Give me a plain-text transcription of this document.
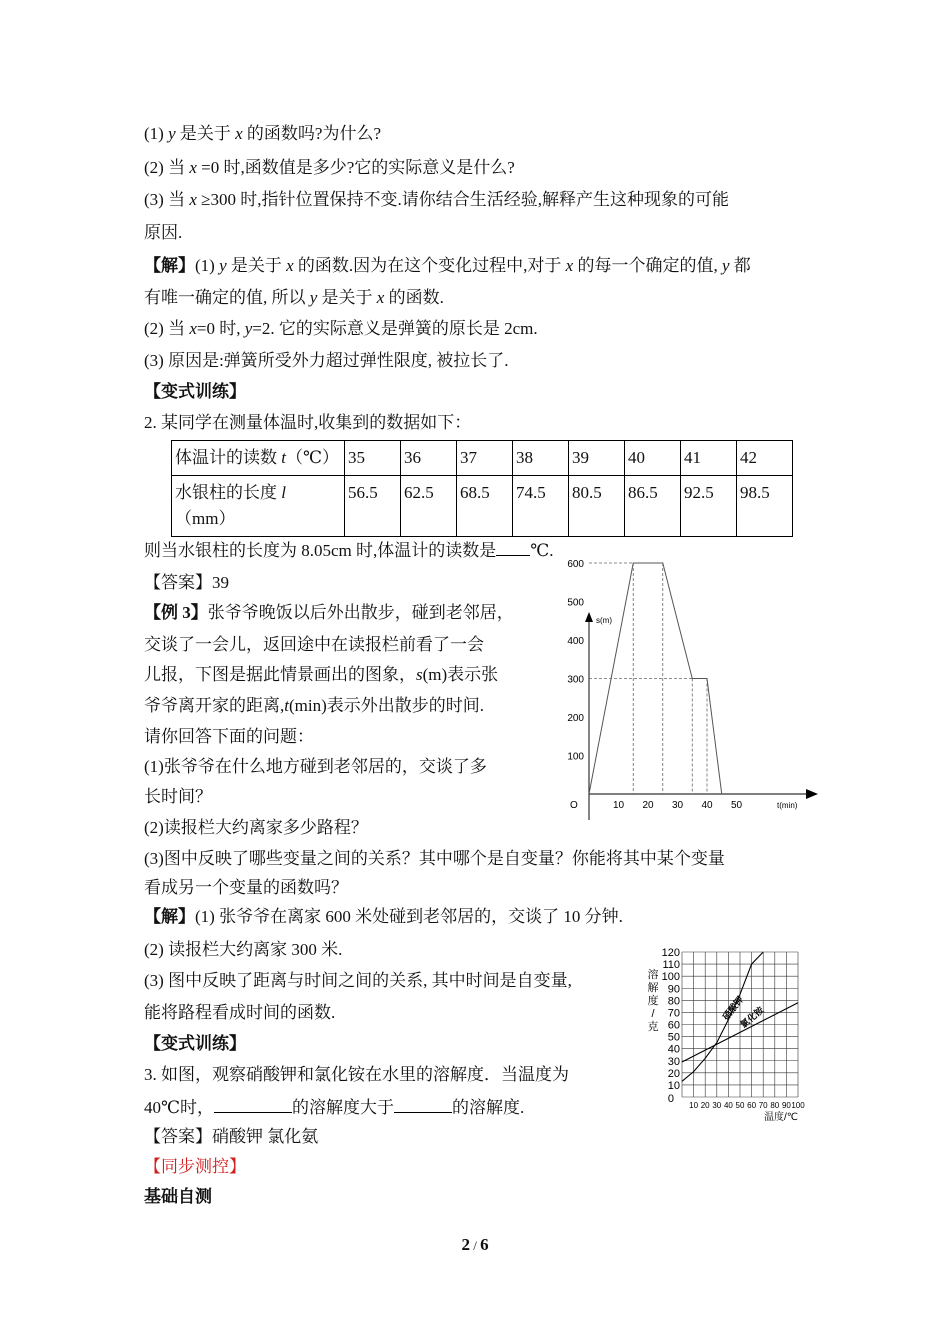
(1) y 是关于 x 的函数吗?为什么?
(2) 当 x =0 时,函数值是多少?它的实际意义是什么?
(3) 当 x ≥300 时,指针位置保持不变.请你结合生活经验,解释产生这种现象的可能
原因.
【解】(1) y 是关于 x 的函数.因为在这个变化过程中,对于 x 的每一个确定的值, y 都
有唯一确定的值, 所以 y 是关于 x 的函数.
(2) 当 x=0 时, y=2. 它的实际意义是弹簧的原长是 2cm.
(3) 原因是:弹簧所受外力超过弹性限度, 被拉长了.
【变式训练】
2. 某同学在测量体温时,收集到的数据如下：
体温计的读数 t（℃）	35	36	37	38	39	40	41	42
水银柱的长度 l
（mm）	56.5	62.5	68.5	74.5	80.5	86.5	92.5	98.5
则当水银柱的长度为 8.05cm 时,体温计的读数是 ℃.
【答案】39
【例 3】张爷爷晚饭以后外出散步，碰到老邻居，
交谈了一会儿，返回途中在读报栏前看了一会
儿报，下图是据此情景画出的图象，s(m)表示张
爷爷离开家的距离,t(min)表示外出散步的时间.
请你回答下面的问题：
(1)张爷爷在什么地方碰到老邻居的，交谈了多
长时间？
(2)读报栏大约离家多少路程？
(3)图中反映了哪些变量之间的关系？其中哪个是自变量？你能将其中某个变量
看成另一个变量的函数吗？
【解】(1) 张爷爷在离家 600 米处碰到老邻居的，交谈了 10 分钟.
(2) 读报栏大约离家 300 米.
(3) 图中反映了距离与时间之间的关系, 其中时间是自变量,
能将路程看成时间的函数.
【变式训练】
3. 如图，观察硝酸钾和氯化铵在水里的溶解度．当温度为
40℃时，	的溶解度大于	的溶解度.
【答案】硝酸钾 氯化氨
【同步测控】
基础自测
2 / 6
s(m)
t(min)
O
100
200
300
400
500
600
10 20 30 40 50
10
20
30
40
50
60
70
80
90
100
110
120
10 20 30 40 50 60 70 80 90 100
0
溶解度/克
温度/℃
硝酸钾
氯化铵
